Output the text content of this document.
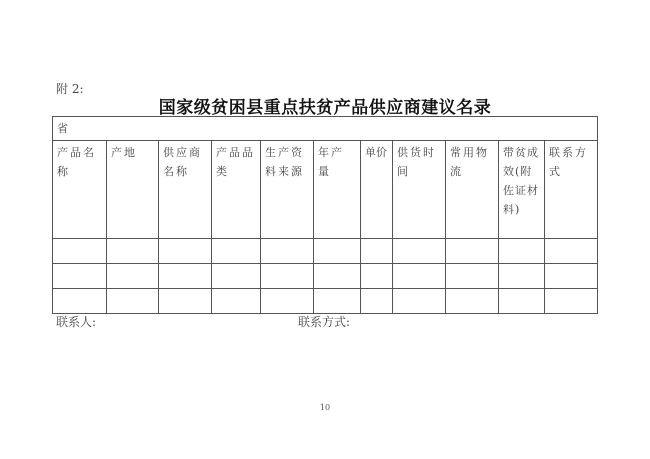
附 2:
国家级贫困县重点扶贫产品供应商建议名录
省										
产品名称	产地	供应商名称	产品品类	生产资料来源	年产量	单价	供货时间	常用物流	带贫成效(附佐证材料)	联系方式

联系人:	联系方式:
10
